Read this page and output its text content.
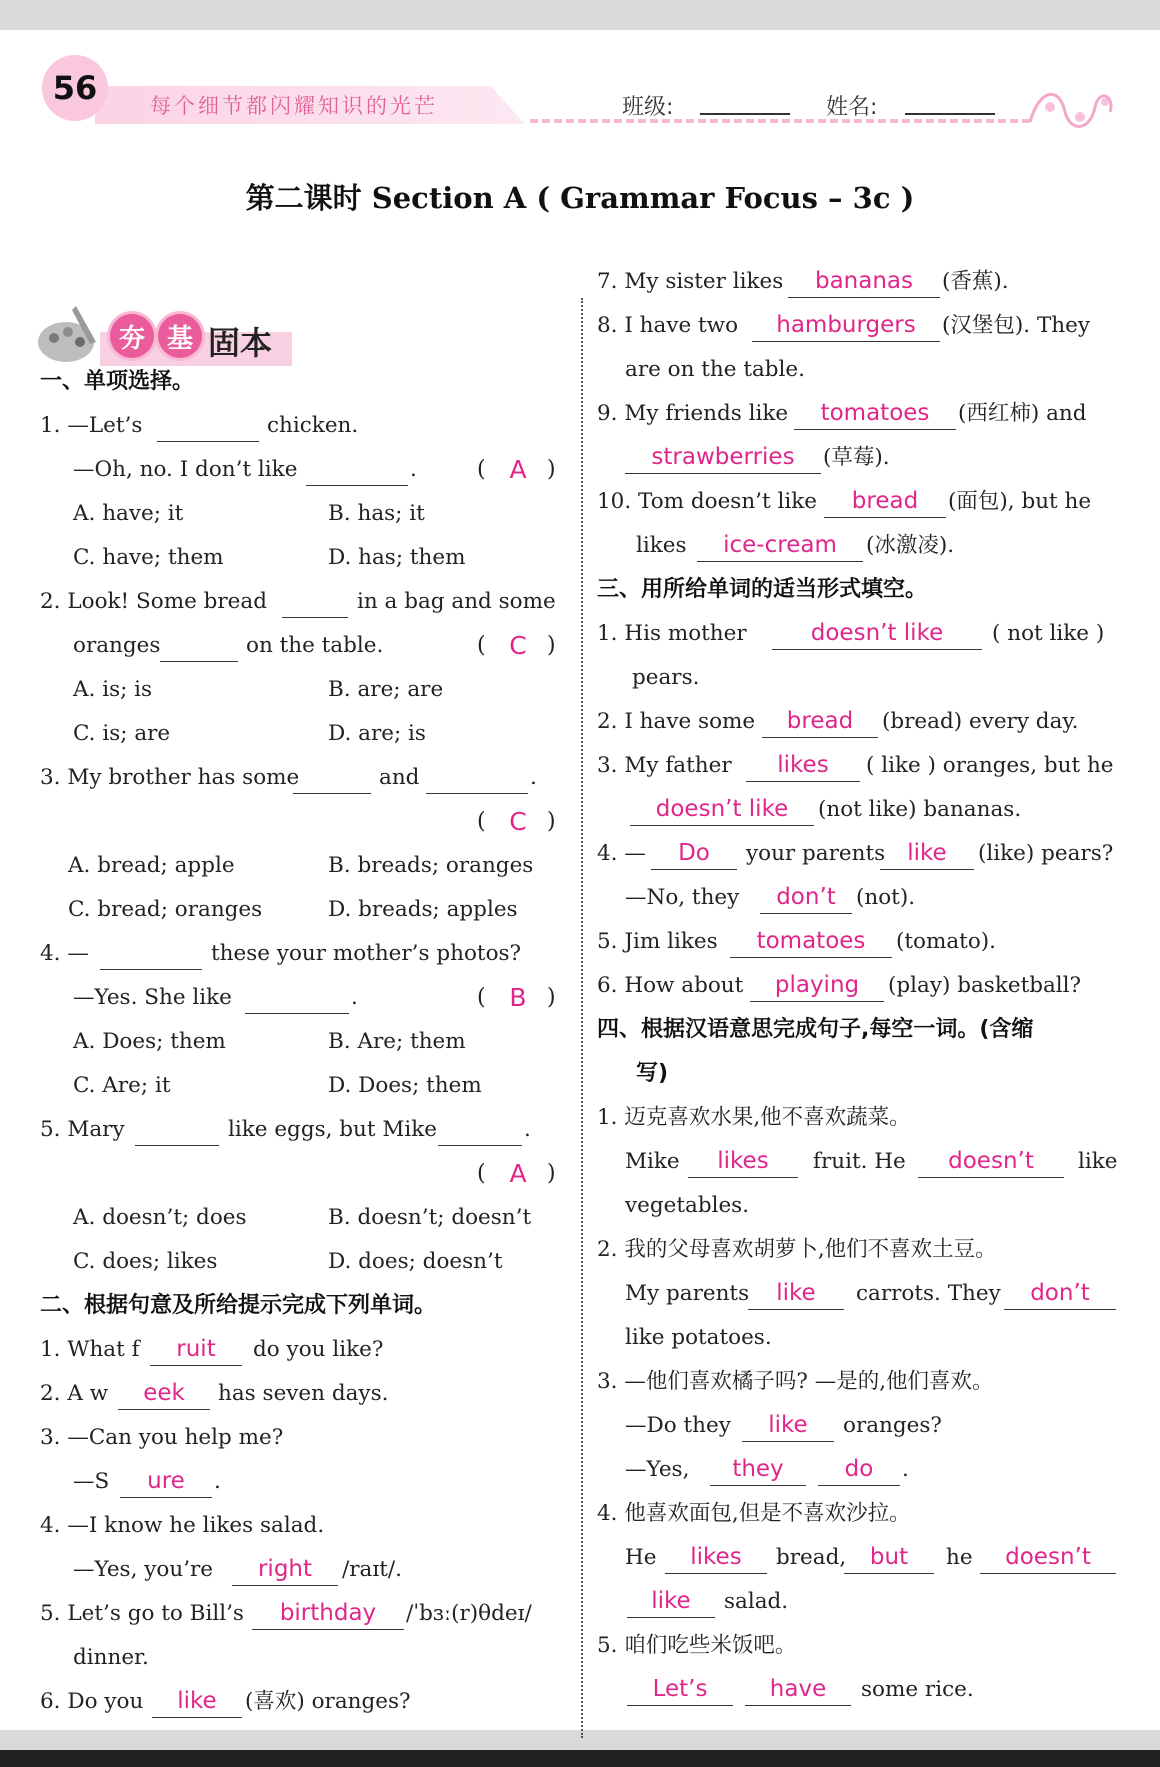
56	每个细节都闪耀知识的光芒	班级:	姓名:
第二课时 Section A ( Grammar Focus – 3c )
夯 基 固本
一、单项选择。
1. —Let’s	chicken.
—Oh, no. I don’t like	.	( A )
A. have; it	B. has; it
C. have; them	D. has; them
2. Look! Some bread	in a bag and some
oranges	on the table.	( C )
A. is; is	B. are; are
C. is; are	D. are; is
3. My brother has some	and	.
( C )
A. bread; apple	B. breads; oranges
C. bread; oranges	D. breads; apples
4. —	these your mother’s photos?
—Yes. She like	.	( B )
A. Does; them	B. Are; them
C. Are; it	D. Does; them
5. Mary	like eggs, but Mike	.
( A )
A. doesn’t; does	B. doesn’t; doesn’t
C. does; likes	D. does; doesn’t
二、根据句意及所给提示完成下列单词。
1. What f	ruit	do you like?
2. A w	eek	has seven days.
3. —Can you help me?
—S	ure	.
4. —I know he likes salad.
—Yes, you’re	right	/raɪt/.
5. Let’s go to Bill’s	birthday	/ˈbɜː(r)θdeɪ/
dinner.
6. Do you	like	(喜欢) oranges?
7. My sister likes	bananas	(香蕉).
8. I have two	hamburgers	(汉堡包). They
are on the table.
9. My friends like	tomatoes	(西红柿) and
strawberries	(草莓).
10. Tom doesn’t like	bread	(面包), but he
likes	ice-cream	(冰激凌).
三、用所给单词的适当形式填空。
1. His mother	doesn’t like	( not like )
pears.
2. I have some	bread	(bread) every day.
3. My father	likes	( like ) oranges, but he
doesn’t like	(not like) bananas.
4. —	Do	your parents like	(like) pears?
—No, they	don’t (not).
5. Jim likes	tomatoes	(tomato).
6. How about	playing	(play) basketball?
四、根据汉语意思完成句子,每空一词。(含缩
写)
1. 迈克喜欢水果,他不喜欢蔬菜。
Mike	likes	fruit. He	doesn’t	like
vegetables.
2. 我的父母喜欢胡萝卜,他们不喜欢土豆。
My parents	like	carrots. They	don’t
like potatoes.
3. —他们喜欢橘子吗? —是的,他们喜欢。
—Do they	like	oranges?
—Yes,	they	do	.
4. 他喜欢面包,但是不喜欢沙拉。
He	likes	bread,	but	he	doesn’t
like	salad.
5. 咱们吃些米饭吧。
Let’s	have	some rice.
